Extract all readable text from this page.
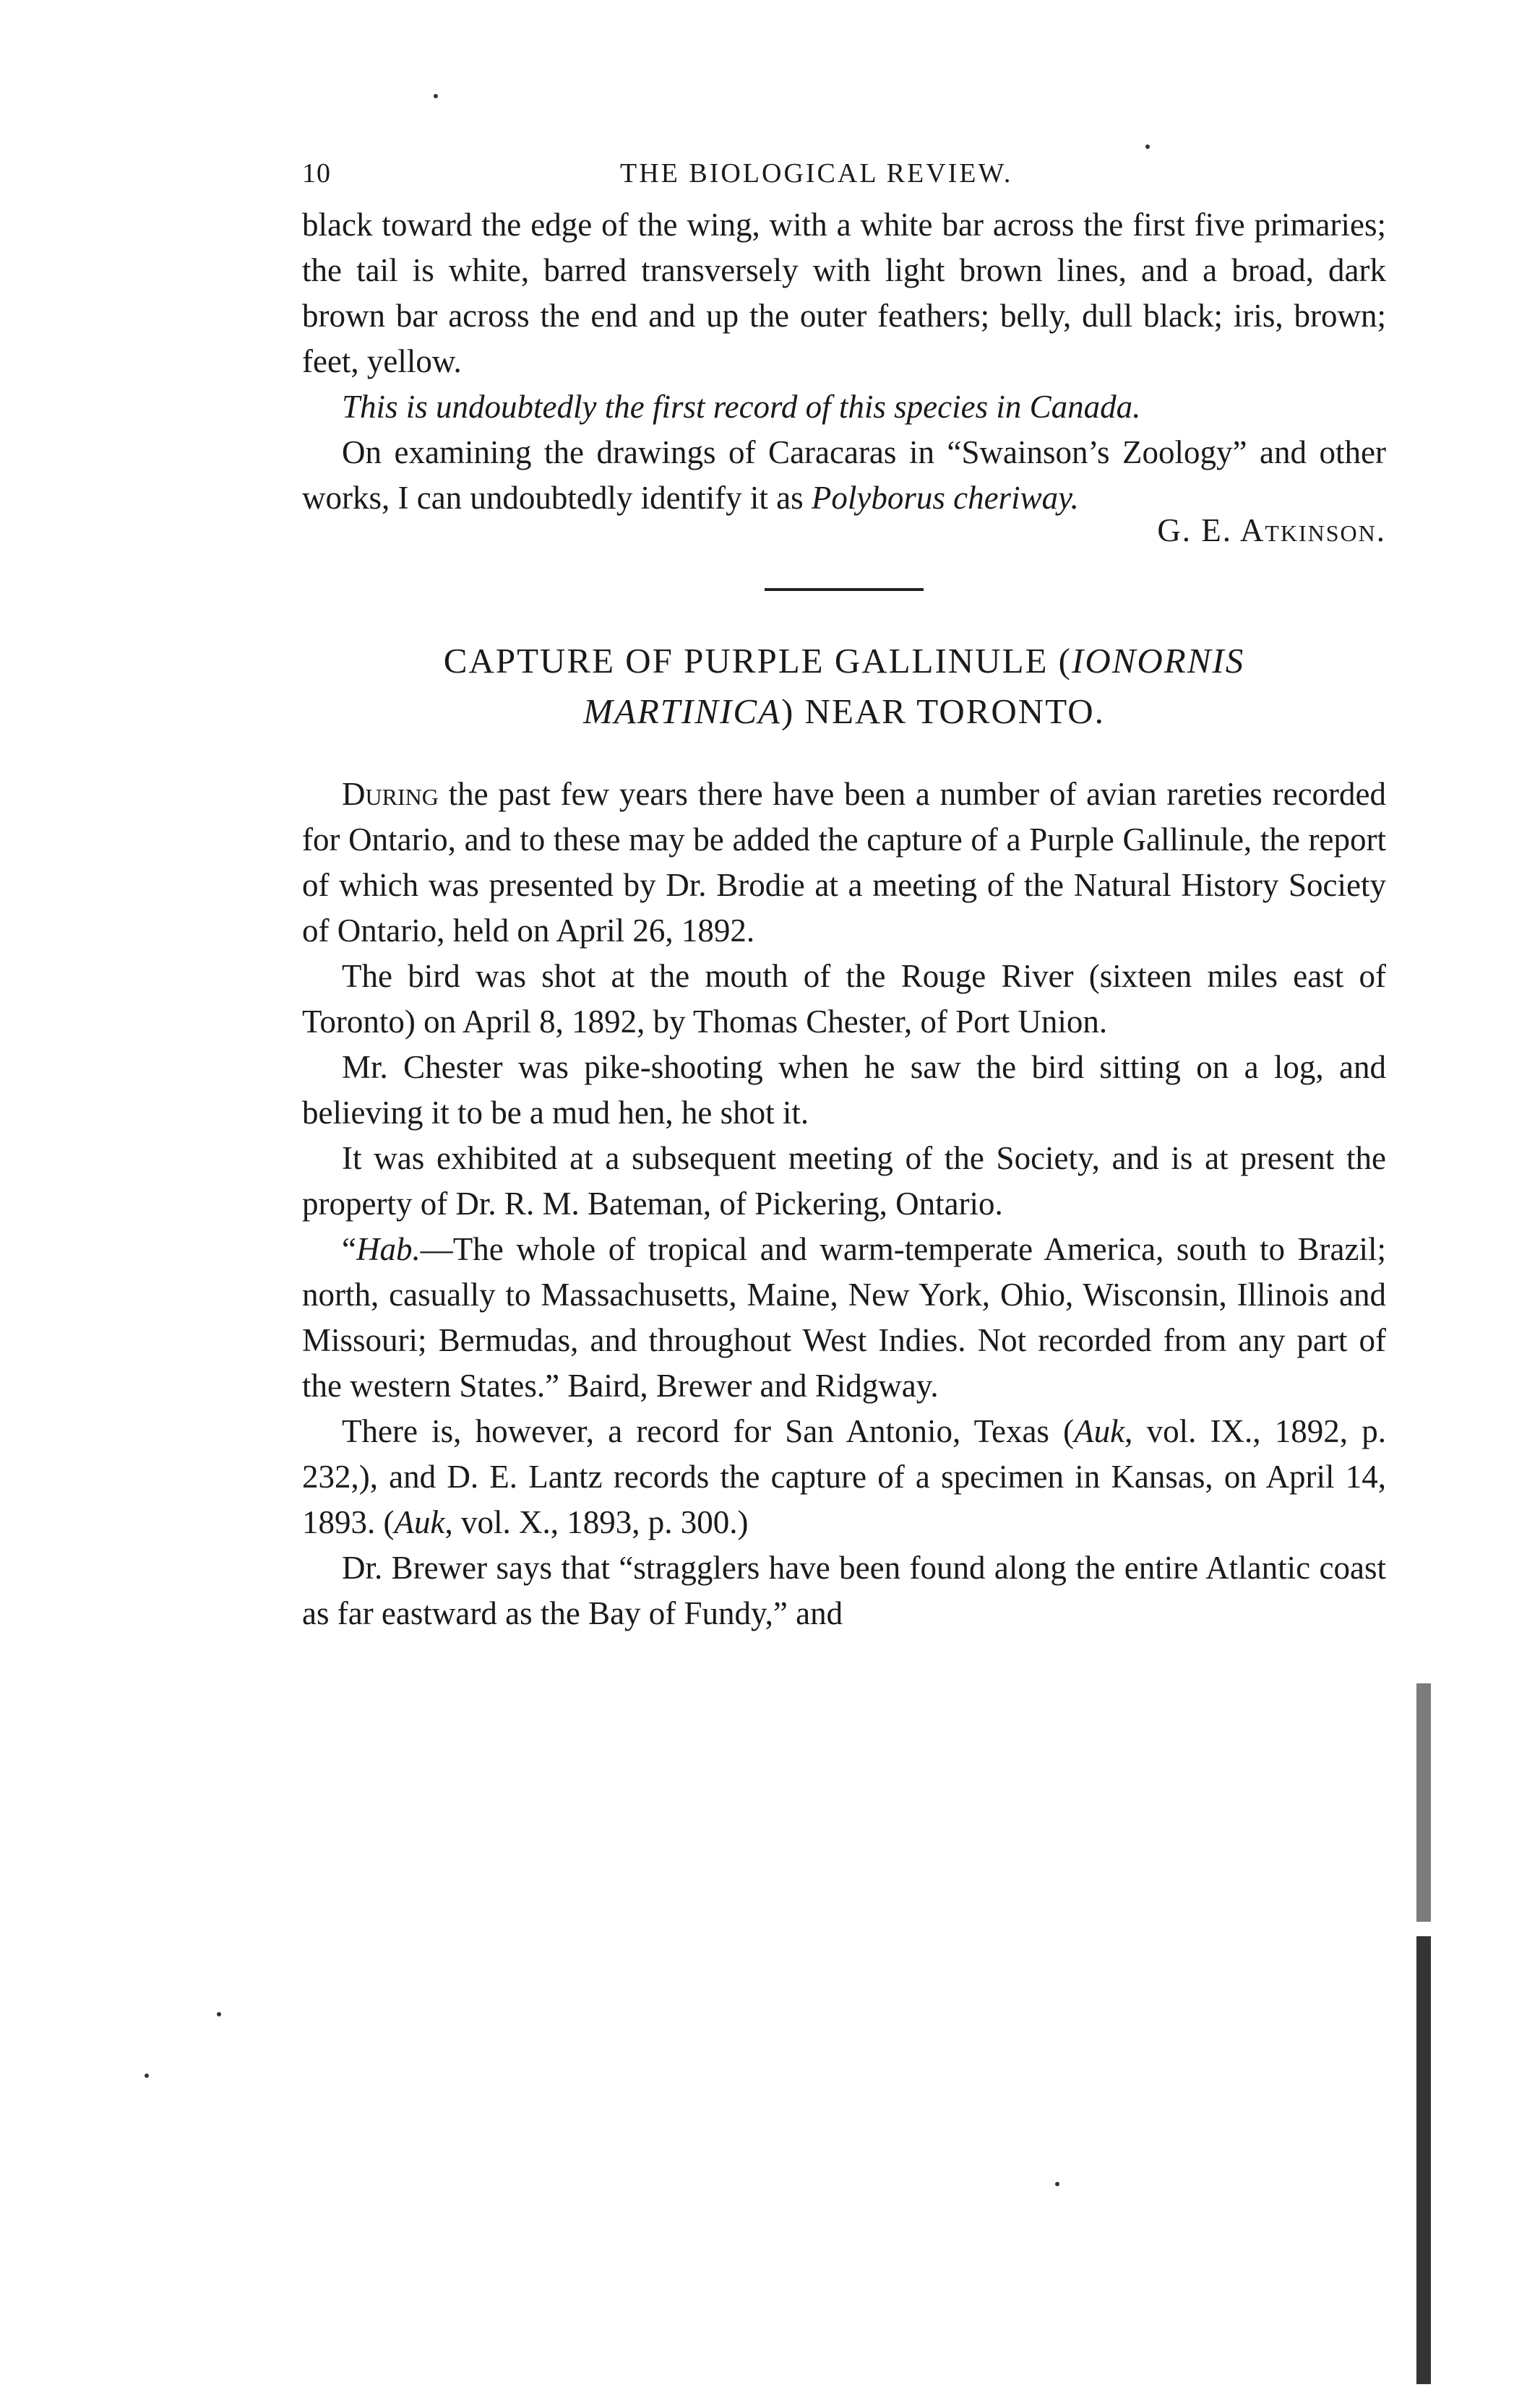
10	THE BIOLOGICAL REVIEW.

black toward the edge of the wing, with a white bar across the first five primaries; the tail is white, barred transversely with light brown lines, and a broad, dark brown bar across the end and up the outer feathers; belly, dull black; iris, brown; feet, yellow.

This is undoubtedly the first record of this species in Canada.

On examining the drawings of Caracaras in “Swainson’s Zoology” and other works, I can undoubtedly identify it as Polyborus cheriway.

G. E. Atkinson.
CAPTURE OF PURPLE GALLINULE (IONORNIS
MARTINICA) NEAR TORONTO.

During the past few years there have been a number of avian rareties recorded for Ontario, and to these may be added the capture of a Purple Gallinule, the report of which was presented by Dr. Brodie at a meeting of the Natural History Society of Ontario, held on April 26, 1892.

The bird was shot at the mouth of the Rouge River (sixteen miles east of Toronto) on April 8, 1892, by Thomas Chester, of Port Union.

Mr. Chester was pike-shooting when he saw the bird sitting on a log, and believing it to be a mud hen, he shot it.

It was exhibited at a subsequent meeting of the Society, and is at present the property of Dr. R. M. Bateman, of Pickering, Ontario.

“Hab.—The whole of tropical and warm-temperate America, south to Brazil; north, casually to Massachusetts, Maine, New York, Ohio, Wisconsin, Illinois and Missouri; Bermudas, and throughout West Indies. Not recorded from any part of the western States.” Baird, Brewer and Ridgway.

There is, however, a record for San Antonio, Texas (Auk, vol. IX., 1892, p. 232,), and D. E. Lantz records the capture of a specimen in Kansas, on April 14, 1893. (Auk, vol. X., 1893, p. 300.)

Dr. Brewer says that “stragglers have been found along the entire Atlantic coast as far eastward as the Bay of Fundy,” and
